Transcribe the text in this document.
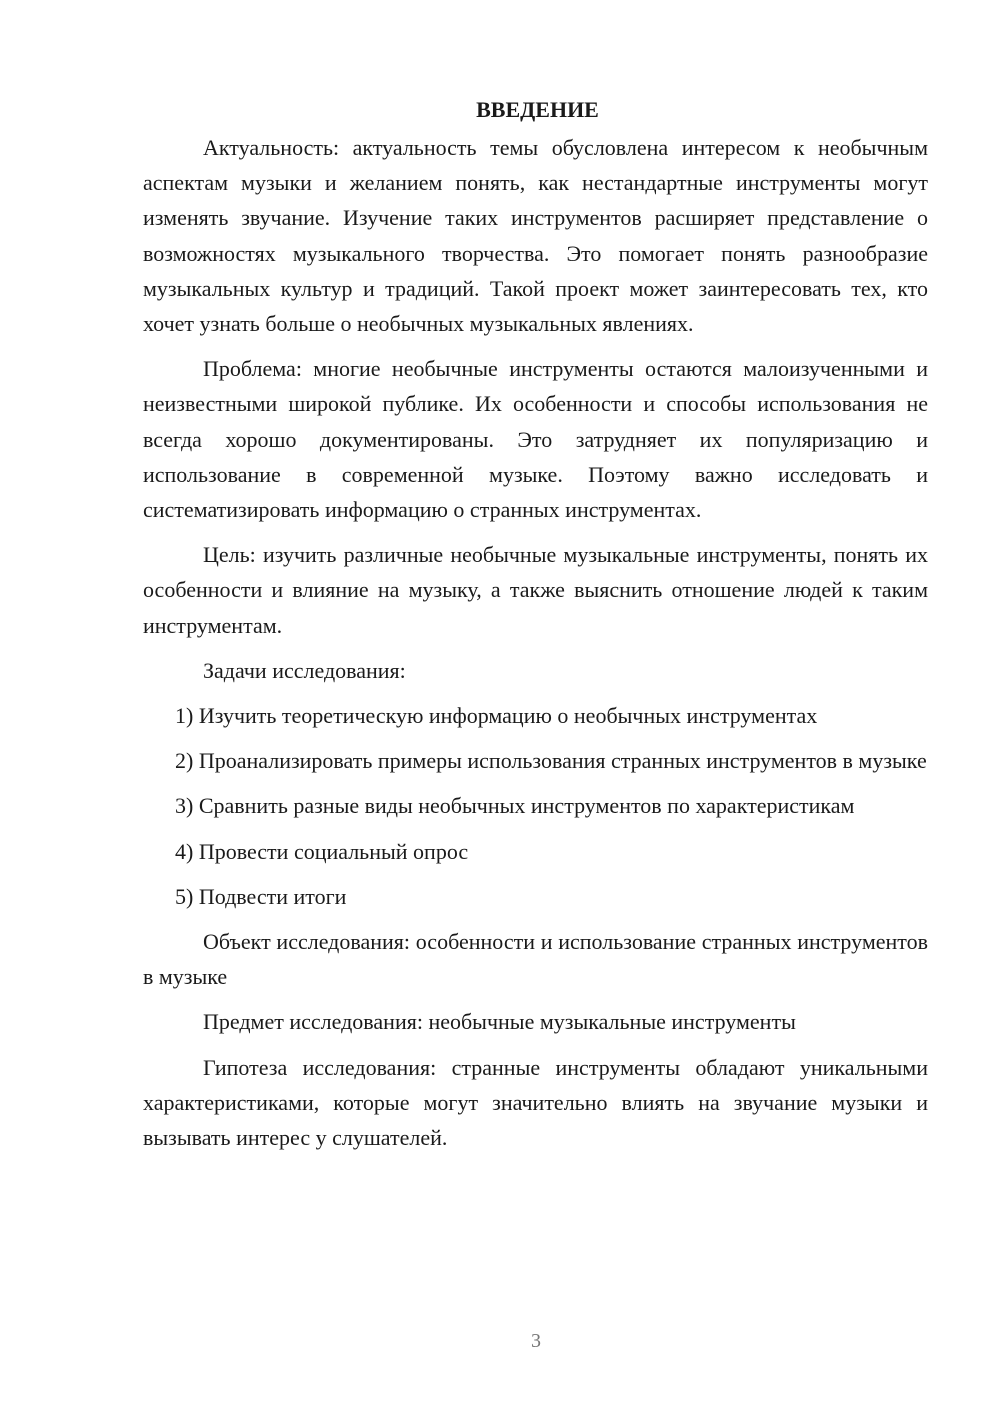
ВВЕДЕНИЕ

Актуальность: актуальность темы обусловлена интересом к необычным аспектам музыки и желанием понять, как нестандартные инструменты могут изменять звучание. Изучение таких инструментов расширяет представление о возможностях музыкального творчества. Это помогает понять разнообразие музыкальных культур и традиций. Такой проект может заинтересовать тех, кто хочет узнать больше о необычных музыкальных явлениях.

Проблема: многие необычные инструменты остаются малоизученными и неизвестными широкой публике. Их особенности и способы использования не всегда хорошо документированы. Это затрудняет их популяризацию и использование в современной музыке. Поэтому важно исследовать и систематизировать информацию о странных инструментах.

Цель: изучить различные необычные музыкальные инструменты, понять их особенности и влияние на музыку, а также выяснить отношение людей к таким инструментам.

Задачи исследования:

1) Изучить теоретическую информацию о необычных инструментах

2) Проанализировать примеры использования странных инструментов в музыке

3) Сравнить разные виды необычных инструментов по характеристикам

4) Провести социальный опрос

5) Подвести итоги

Объект исследования: особенности и использование странных инструментов в музыке

Предмет исследования: необычные музыкальные инструменты

Гипотеза исследования: странные инструменты обладают уникальными характеристиками, которые могут значительно влиять на звучание музыки и вызывать интерес у слушателей.

3
